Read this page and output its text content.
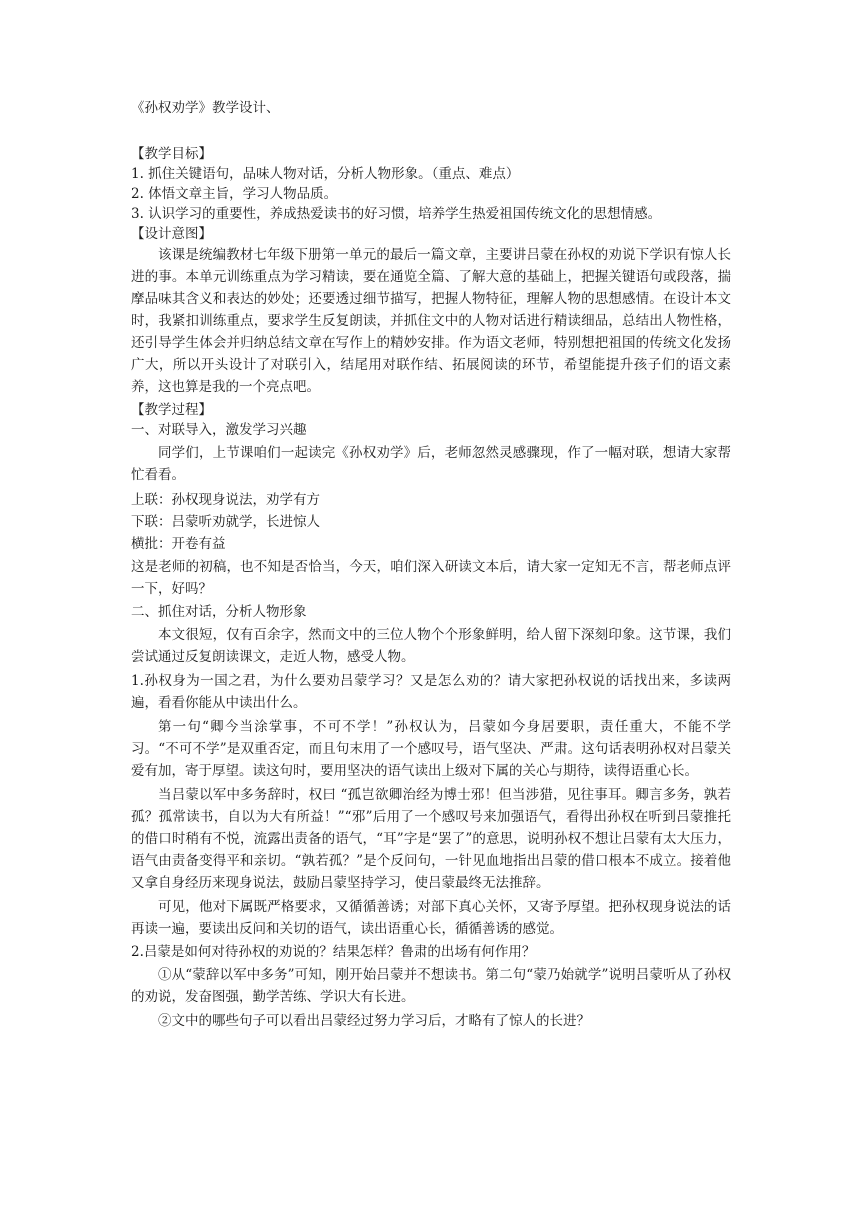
《孙权劝学》教学设计、
【教学目标】
1. 抓住关键语句，品味人物对话，分析人物形象。（重点、难点）
2. 体悟文章主旨，学习人物品质。
3. 认识学习的重要性，养成热爱读书的好习惯，培养学生热爱祖国传统文化的思想情感。
【设计意图】
该课是统编教材七年级下册第一单元的最后一篇文章，主要讲吕蒙在孙权的劝说下学识有惊人长进的事。本单元训练重点为学习精读，要在通览全篇、了解大意的基础上，把握关键语句或段落，揣摩品味其含义和表达的妙处；还要透过细节描写，把握人物特征，理解人物的思想感情。在设计本文时，我紧扣训练重点，要求学生反复朗读，并抓住文中的人物对话进行精读细品，总结出人物性格，还引导学生体会并归纳总结文章在写作上的精妙安排。作为语文老师，特别想把祖国的传统文化发扬广大，所以开头设计了对联引入，结尾用对联作结、拓展阅读的环节，希望能提升孩子们的语文素养，这也算是我的一个亮点吧。
【教学过程】
一、对联导入，激发学习兴趣
同学们，上节课咱们一起读完《孙权劝学》后，老师忽然灵感骤现，作了一幅对联，想请大家帮忙看看。
上联：孙权现身说法，劝学有方
下联：吕蒙听劝就学，长进惊人
横批：开卷有益
这是老师的初稿，也不知是否恰当，今天，咱们深入研读文本后，请大家一定知无不言，帮老师点评一下，好吗？
二、抓住对话，分析人物形象
本文很短，仅有百余字，然而文中的三位人物个个形象鲜明，给人留下深刻印象。这节课，我们尝试通过反复朗读课文，走近人物，感受人物。
1.孙权身为一国之君，为什么要劝吕蒙学习？又是怎么劝的？请大家把孙权说的话找出来，多读两遍，看看你能从中读出什么。
第一句“卿今当涂掌事，不可不学！”孙权认为，吕蒙如今身居要职，责任重大，不能不学习。“不可不学”是双重否定，而且句末用了一个感叹号，语气坚决、严肃。这句话表明孙权对吕蒙关爱有加，寄于厚望。读这句时，要用坚决的语气读出上级对下属的关心与期待，读得语重心长。
当吕蒙以军中多务辞时，权曰 “孤岂欲卿治经为博士邪！但当涉猎，见往事耳。卿言多务，孰若孤？孤常读书，自以为大有所益！”“邪”后用了一个感叹号来加强语气，看得出孙权在听到吕蒙推托的借口时稍有不悦，流露出责备的语气，“耳”字是“罢了”的意思，说明孙权不想让吕蒙有太大压力，语气由责备变得平和亲切。“孰若孤？”是个反问句，一针见血地指出吕蒙的借口根本不成立。接着他又拿自身经历来现身说法，鼓励吕蒙坚持学习，使吕蒙最终无法推辞。
可见，他对下属既严格要求，又循循善诱；对部下真心关怀，又寄予厚望。把孙权现身说法的话再读一遍，要读出反问和关切的语气，读出语重心长，循循善诱的感觉。
2.吕蒙是如何对待孙权的劝说的？结果怎样？鲁肃的出场有何作用？
①从“蒙辞以军中多务”可知，刚开始吕蒙并不想读书。第二句“蒙乃始就学”说明吕蒙听从了孙权的劝说，发奋图强，勤学苦练、学识大有长进。
②文中的哪些句子可以看出吕蒙经过努力学习后，才略有了惊人的长进？
